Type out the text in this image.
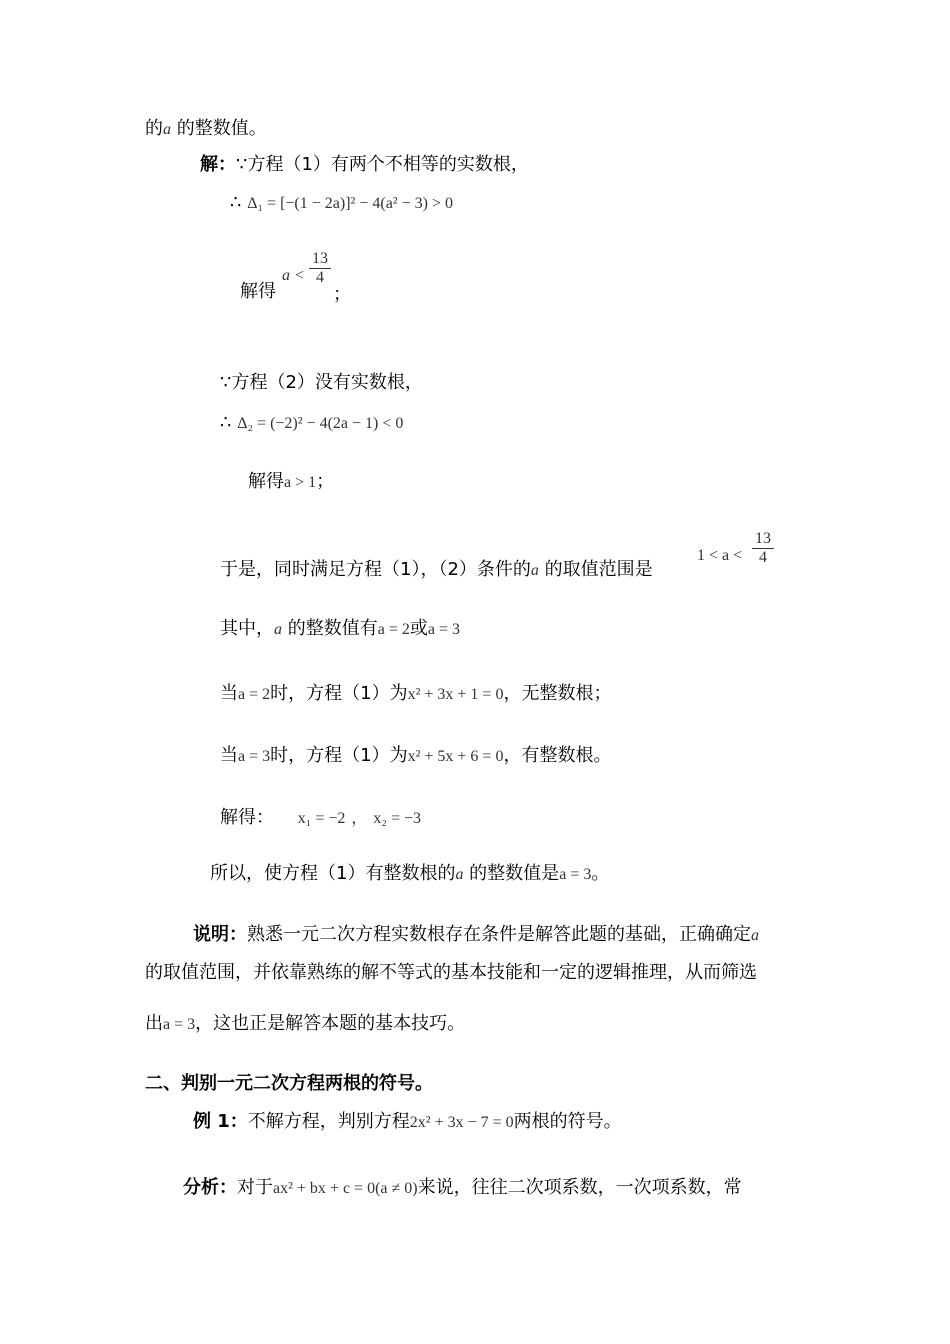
的a 的整数值。
解：∵方程（1）有两个不相等的实数根，
∴ Δ₁ = [−(1 − 2a)]² − 4(a² − 3) > 0
解得
$a < \frac{13}{4}$
；
∵方程（2）没有实数根，
∴ Δ₂ = (−2)² − 4(2a − 1) < 0
解得a > 1；
于是，同时满足方程（1），（2）条件的a 的取值范围是
$1 < a < \frac{13}{4}$
其中，a 的整数值有a = 2或a = 3
当a = 2时，方程（1）为x² + 3x + 1 = 0，无整数根；
当a = 3时，方程（1）为x² + 5x + 6 = 0，有整数根。
解得： x₁ = −2 ， x₂ = −3
所以，使方程（1）有整数根的a 的整数值是a = 3。
说明：熟悉一元二次方程实数根存在条件是解答此题的基础，正确确定a
的取值范围，并依靠熟练的解不等式的基本技能和一定的逻辑推理，从而筛选
出a = 3，这也正是解答本题的基本技巧。
二、判别一元二次方程两根的符号。
例 1：不解方程，判别方程2x² + 3x − 7 = 0两根的符号。
分析：对于ax² + bx + c = 0(a ≠ 0)来说，往往二次项系数，一次项系数，常
